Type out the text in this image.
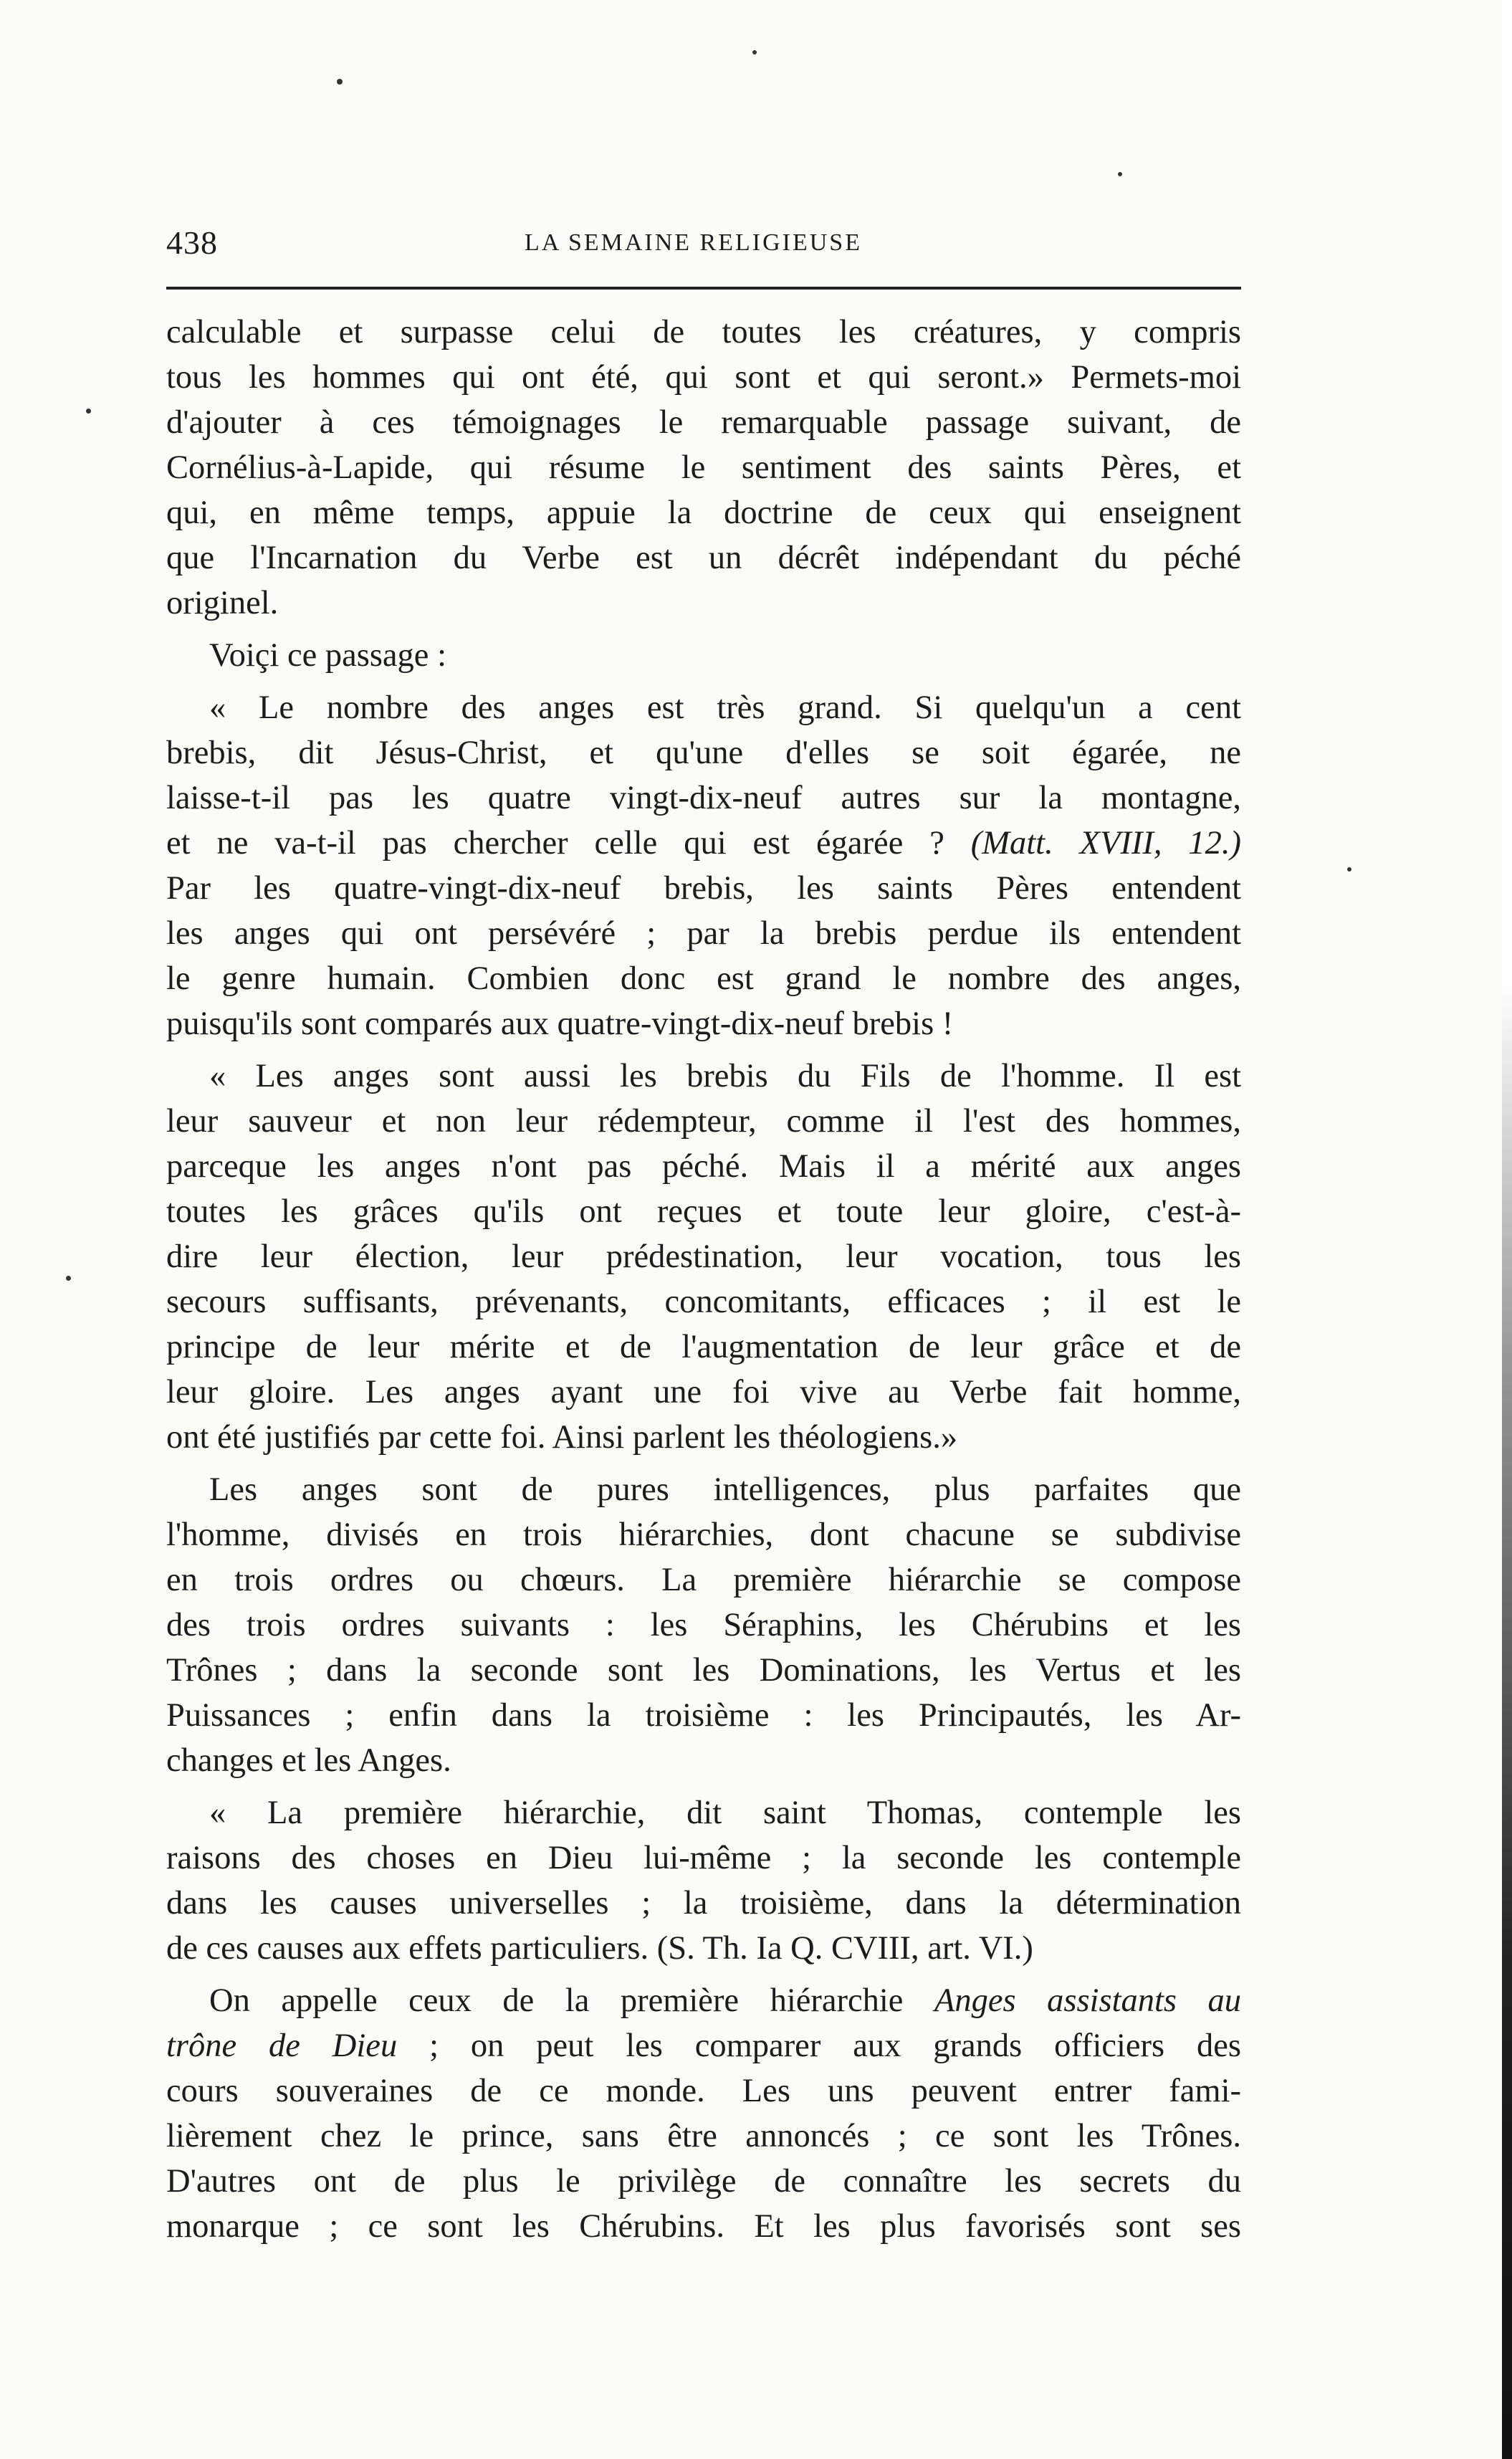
438	LA SEMAINE RELIGIEUSE

calculable et surpasse celui de toutes les créatures, y compris
tous les hommes qui ont été, qui sont et qui seront.» Permets-moi
d'ajouter à ces témoignages le remarquable passage suivant, de
Cornélius-à-Lapide, qui résume le sentiment des saints Pères, et
qui, en même temps, appuie la doctrine de ceux qui enseignent
que l'Incarnation du Verbe est un décrêt indépendant du péché
originel.

Voiçi ce passage :

« Le nombre des anges est très grand. Si quelqu'un a cent
brebis, dit Jésus-Christ, et qu'une d'elles se soit égarée, ne
laisse-t-il pas les quatre vingt-dix-neuf autres sur la montagne,
et ne va-t-il pas chercher celle qui est égarée ? (Matt. XVIII, 12.)
Par les quatre-vingt-dix-neuf brebis, les saints Pères entendent
les anges qui ont persévéré ; par la brebis perdue ils entendent
le genre humain. Combien donc est grand le nombre des anges,
puisqu'ils sont comparés aux quatre-vingt-dix-neuf brebis !

« Les anges sont aussi les brebis du Fils de l'homme. Il est
leur sauveur et non leur rédempteur, comme il l'est des hommes,
parceque les anges n'ont pas péché. Mais il a mérité aux anges
toutes les grâces qu'ils ont reçues et toute leur gloire, c'est-à-
dire leur élection, leur prédestination, leur vocation, tous les
secours suffisants, prévenants, concomitants, efficaces ; il est le
principe de leur mérite et de l'augmentation de leur grâce et de
leur gloire. Les anges ayant une foi vive au Verbe fait homme,
ont été justifiés par cette foi. Ainsi parlent les théologiens.»

Les anges sont de pures intelligences, plus parfaites que
l'homme, divisés en trois hiérarchies, dont chacune se subdivise
en trois ordres ou chœurs. La première hiérarchie se compose
des trois ordres suivants : les Séraphins, les Chérubins et les
Trônes ; dans la seconde sont les Dominations, les Vertus et les
Puissances ; enfin dans la troisième : les Principautés, les Ar-
changes et les Anges.

« La première hiérarchie, dit saint Thomas, contemple les
raisons des choses en Dieu lui-même ; la seconde les contemple
dans les causes universelles ; la troisième, dans la détermination
de ces causes aux effets particuliers. (S. Th. Ia Q. CVIII, art. VI.)

On appelle ceux de la première hiérarchie Anges assistants au
trône de Dieu ; on peut les comparer aux grands officiers des
cours souveraines de ce monde. Les uns peuvent entrer fami-
lièrement chez le prince, sans être annoncés ; ce sont les Trônes.
D'autres ont de plus le privilège de connaître les secrets du
monarque ; ce sont les Chérubins. Et les plus favorisés sont ses
